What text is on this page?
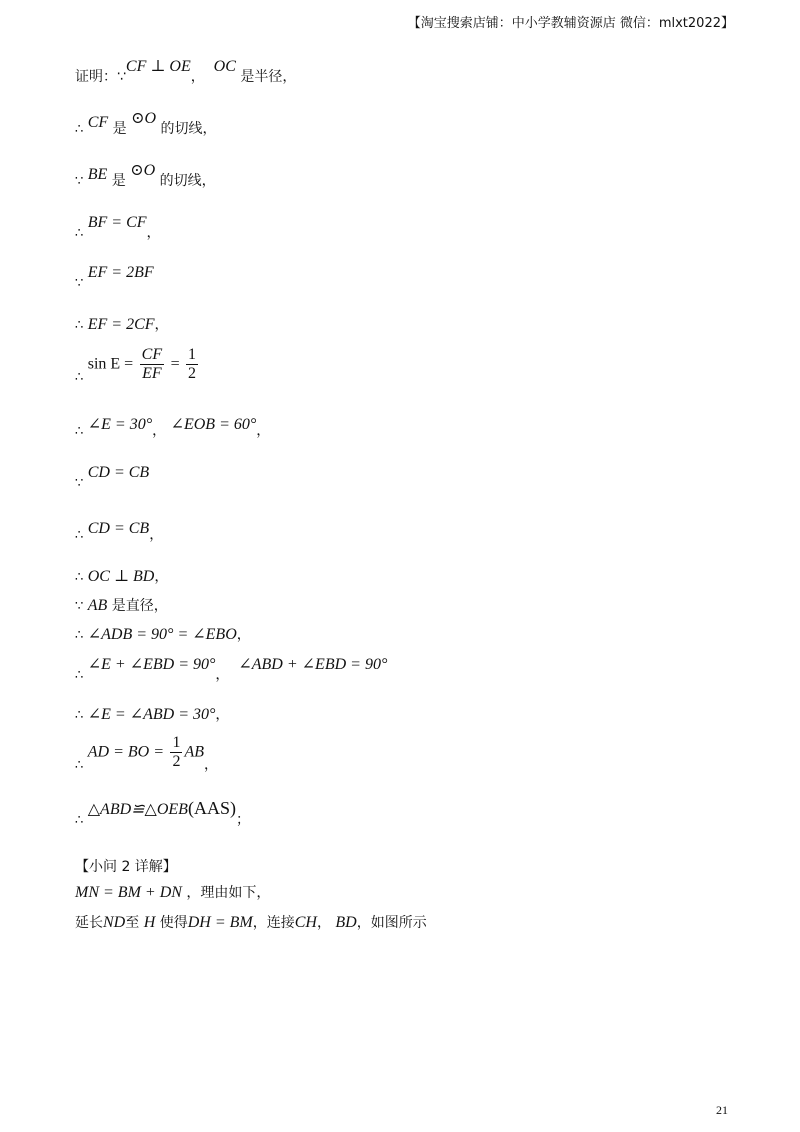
【淘宝搜索店铺：中小学教辅资源店 微信：mlxt2022】
证明：∵CF ⊥ OE，  OC 是半径，
∴ CF 是 ⊙O 的切线，
∵ BE 是 ⊙O 的切线，
∴ BF = CF，
∵ EF = 2BF
∴ EF = 2CF，
∴ $\sin E = \frac{CF}{EF} = \frac{1}{2}$
∴ ∠E = 30°， ∠EOB = 60°，
∵ CD = CB
∴ CD = CB，
∴ OC ⊥ BD，
∵ AB 是直径，
∴ ∠ADB = 90° = ∠EBO，
∴ ∠E + ∠EBD = 90°，  ∠ABD + ∠EBD = 90°
∴ ∠E = ∠ABD = 30°，
∴ AD = BO = $\frac{1}{2}$ AB，
∴ △ABD≌△OEB(AAS)；
【小问 2 详解】
MN = BM + DN ，理由如下，
延长ND至 H 使得DH = BM，连接CH， BD，如图所示
21
